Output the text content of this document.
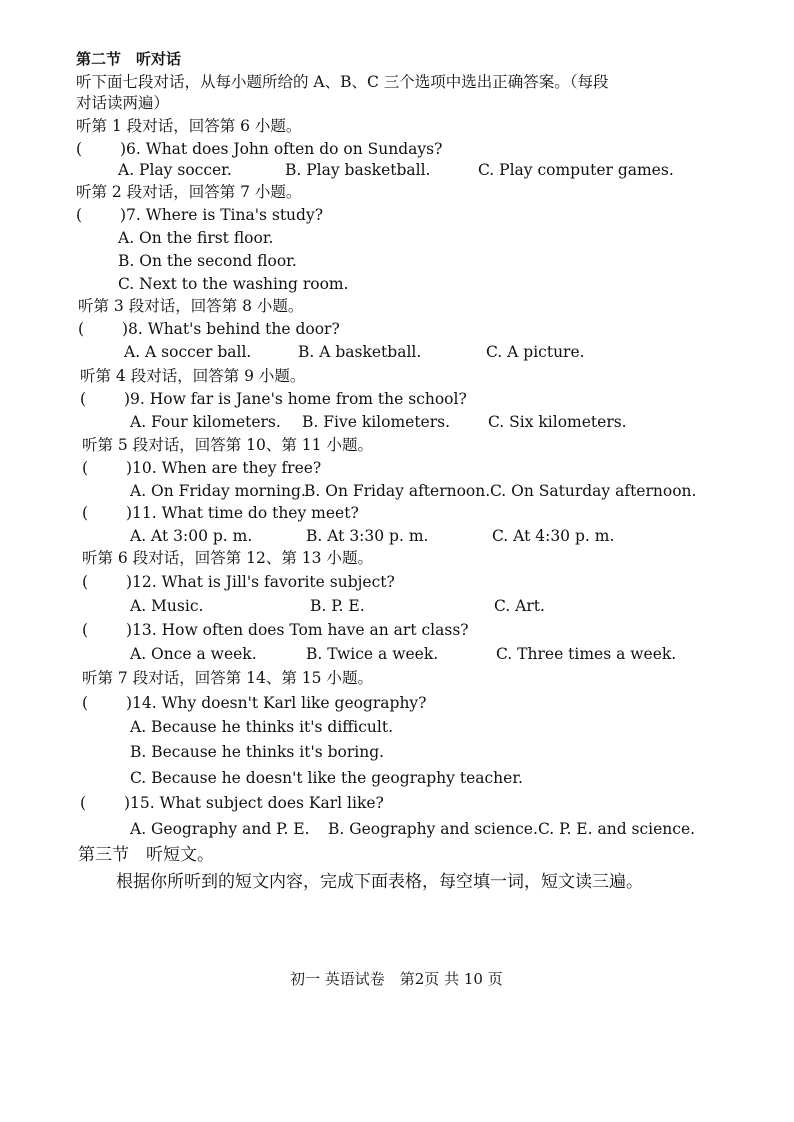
第二节　听对话
听下面七段对话，从每小题所给的 A、B、C 三个选项中选出正确答案。（每段
对话读两遍）
听第 1 段对话，回答第 6 小题。
( )6. What does John often do on Sundays?
A. Play soccer.	B. Play basketball.	C. Play computer games.
听第 2 段对话，回答第 7 小题。
( )7. Where is Tina's study?
A. On the first floor.
B. On the second floor.
C. Next to the washing room.
听第 3 段对话，回答第 8 小题。
( )8. What's behind the door?
A. A soccer ball.	B. A basketball.	C. A picture.
听第 4 段对话，回答第 9 小题。
( )9. How far is Jane's home from the school?
A. Four kilometers. B. Five kilometers. C. Six kilometers.
听第 5 段对话，回答第 10、第 11 小题。
( )10. When are they free?
A. On Friday morning.
B. On Friday afternoon. C. On Saturday afternoon.
( )11. What time do they meet?
A. At 3:00 p. m.	B. At 3:30 p. m.	C. At 4:30 p. m.
听第 6 段对话，回答第 12、第 13 小题。
( )12. What is Jill's favorite subject?
A. Music.	B. P. E.	C. Art.
( )13. How often does Tom have an art class?
A. Once a week.	B. Twice a week.	C. Three times a week.
听第 7 段对话，回答第 14、第 15 小题。
( )14. Why doesn't Karl like geography?
A. Because he thinks it's difficult.
B. Because he thinks it's boring.
C. Because he doesn't like the geography teacher.
( )15. What subject does Karl like?
A. Geography and P. E. B. Geography and science. C. P. E. and science.
第三节　听短文。
根据你所听到的短文内容，完成下面表格，每空填一词，短文读三遍。
初一 英语试卷　第2页 共 10 页
